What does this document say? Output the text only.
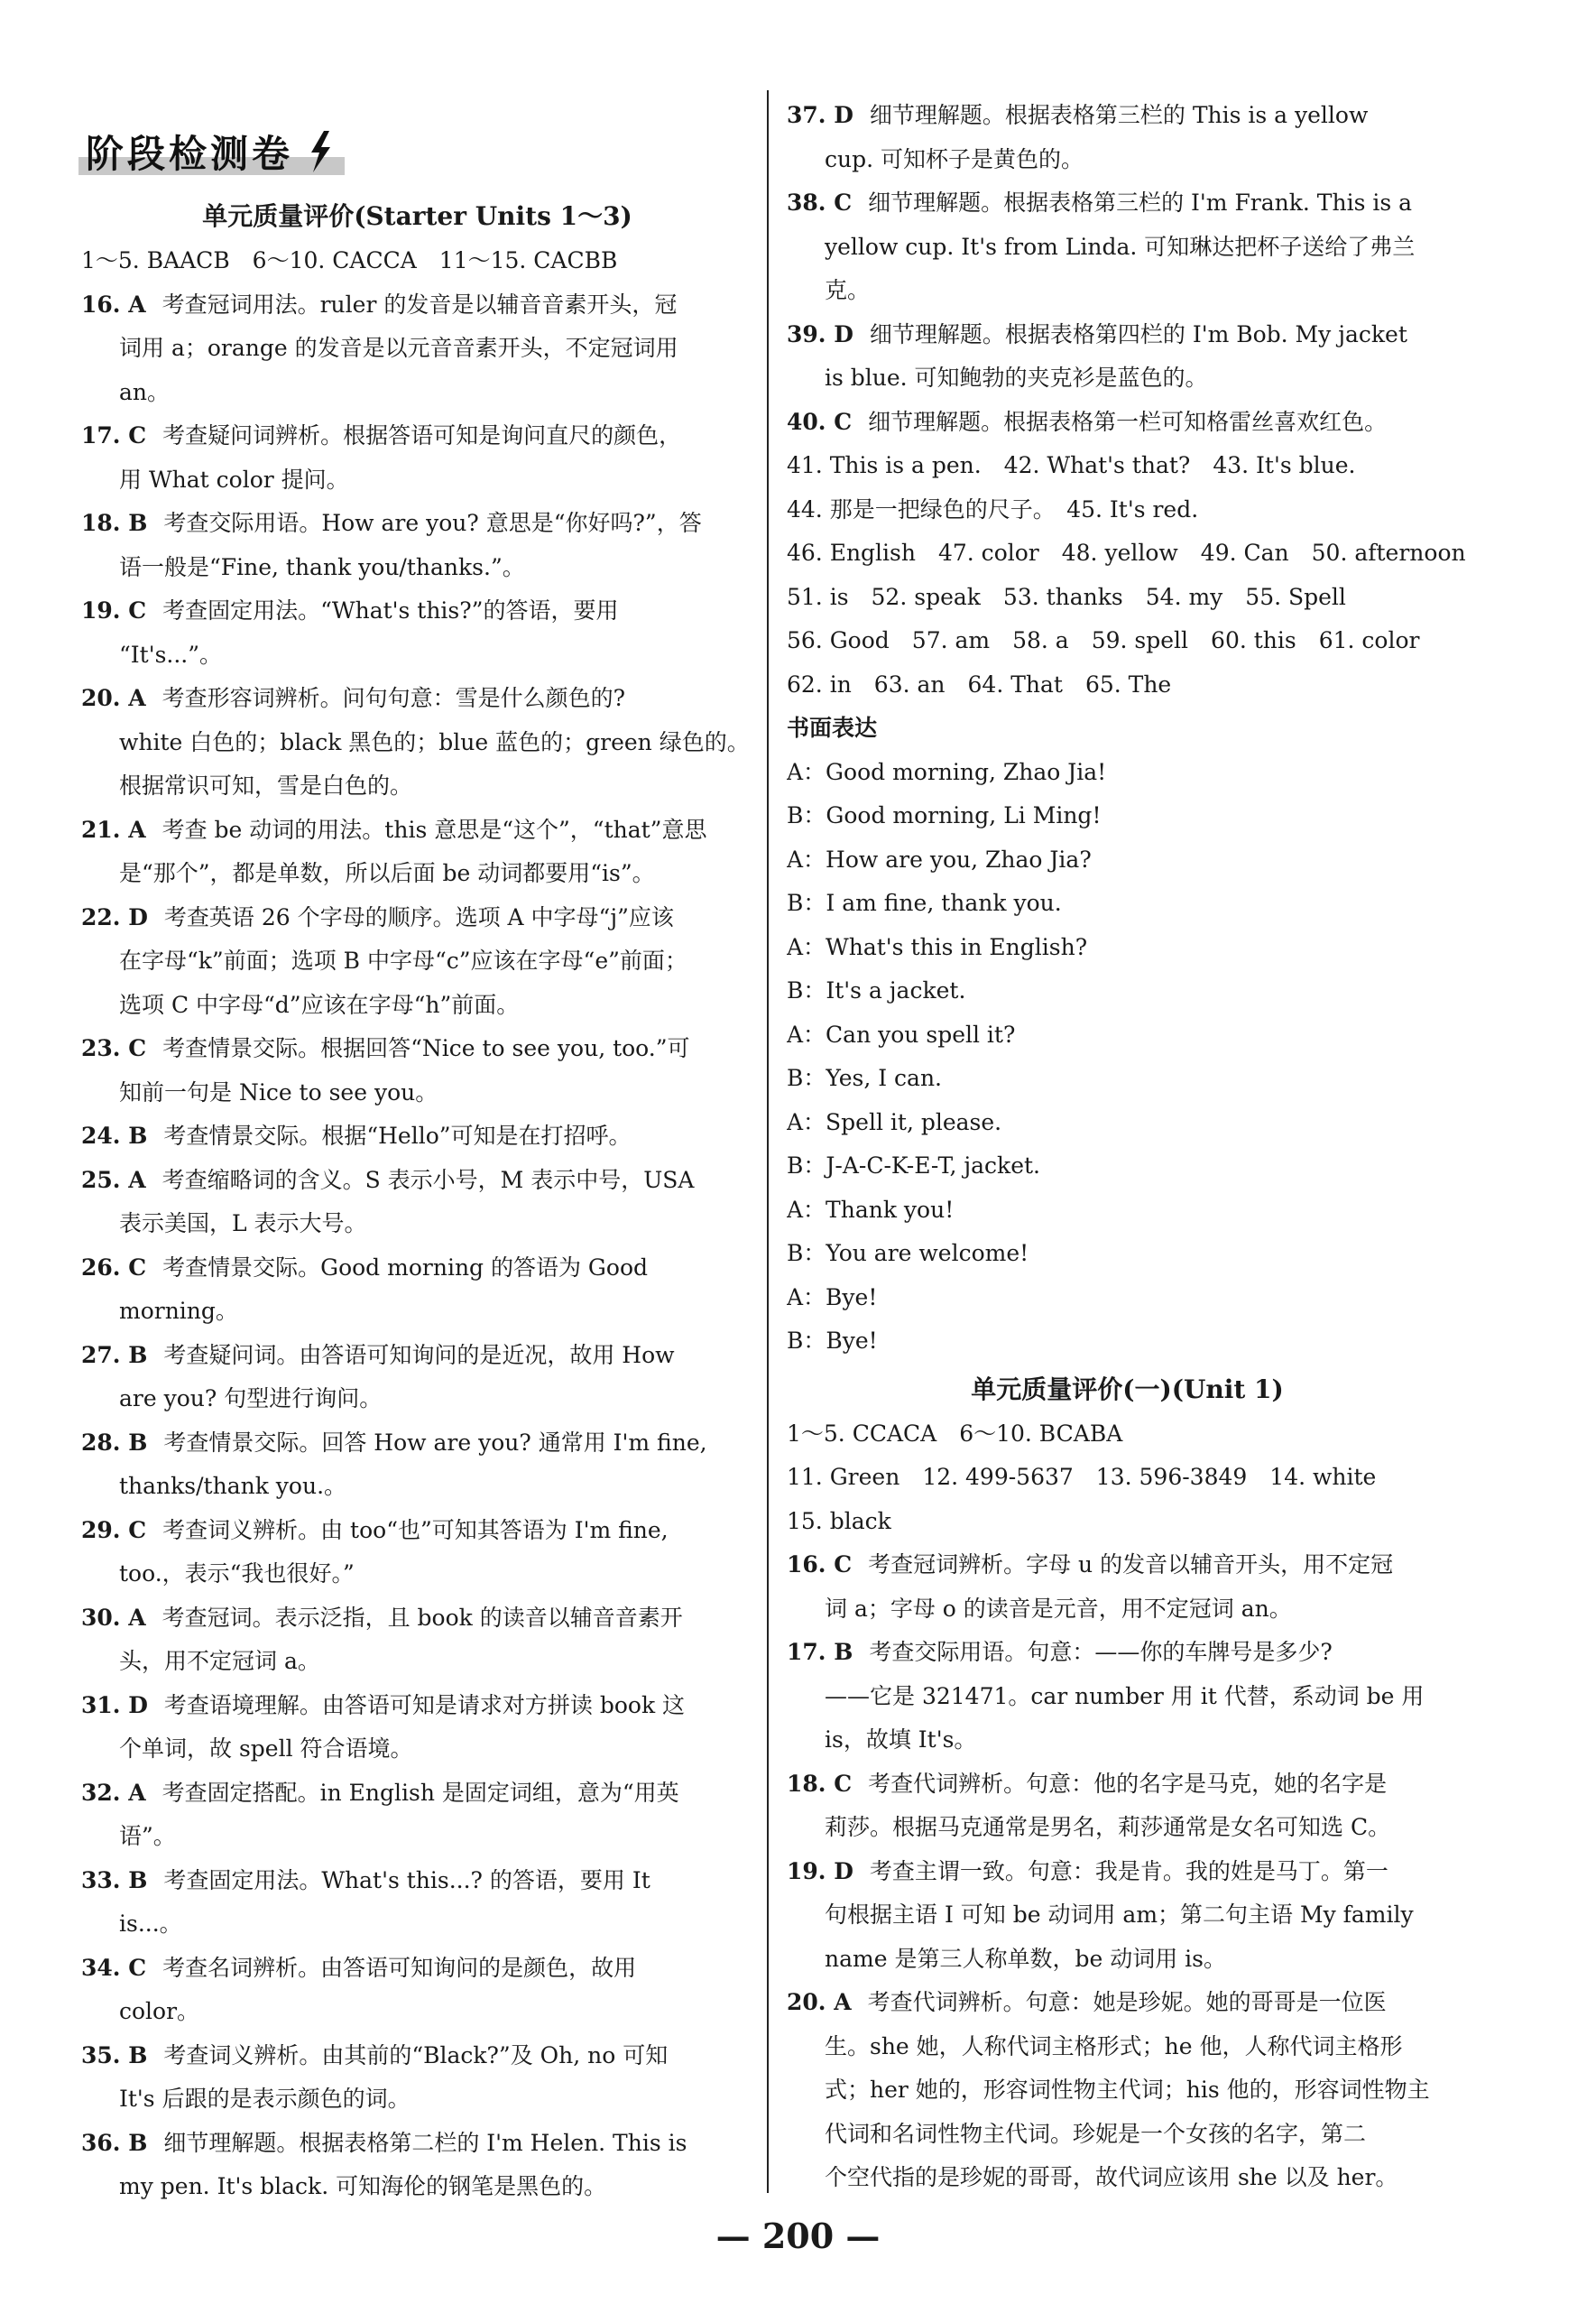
阶段检测卷
单元质量评价(Starter Units 1～3)
1～5. BAACB　6～10. CACCA　11～15. CACBB
16. A 考查冠词用法。ruler 的发音是以辅音音素开头，冠
词用 a；orange 的发音是以元音音素开头，不定冠词用
an。
17. C 考查疑问词辨析。根据答语可知是询问直尺的颜色，
用 What color 提问。
18. B 考查交际用语。How are you? 意思是“你好吗?”，答
语一般是“Fine, thank you/thanks.”。
19. C 考查固定用法。“What's this?”的答语，要用
“It's...”。
20. A 考查形容词辨析。问句句意：雪是什么颜色的?
white 白色的；black 黑色的；blue 蓝色的；green 绿色的。
根据常识可知，雪是白色的。
21. A 考查 be 动词的用法。this 意思是“这个”，“that”意思
是“那个”，都是单数，所以后面 be 动词都要用“is”。
22. D 考查英语 26 个字母的顺序。选项 A 中字母“j”应该
在字母“k”前面；选项 B 中字母“c”应该在字母“e”前面；
选项 C 中字母“d”应该在字母“h”前面。
23. C 考查情景交际。根据回答“Nice to see you, too.”可
知前一句是 Nice to see you。
24. B 考查情景交际。根据“Hello”可知是在打招呼。
25. A 考查缩略词的含义。S 表示小号，M 表示中号，USA
表示美国，L 表示大号。
26. C 考查情景交际。Good morning 的答语为 Good
morning。
27. B 考查疑问词。由答语可知询问的是近况，故用 How
are you? 句型进行询问。
28. B 考查情景交际。回答 How are you? 通常用 I'm fine,
thanks/thank you.。
29. C 考查词义辨析。由 too“也”可知其答语为 I'm fine,
too.，表示“我也很好。”
30. A 考查冠词。表示泛指，且 book 的读音以辅音音素开
头，用不定冠词 a。
31. D 考查语境理解。由答语可知是请求对方拼读 book 这
个单词，故 spell 符合语境。
32. A 考查固定搭配。in English 是固定词组，意为“用英
语”。
33. B 考查固定用法。What's this...? 的答语，要用 It
is...。
34. C 考查名词辨析。由答语可知询问的是颜色，故用
color。
35. B 考查词义辨析。由其前的“Black?”及 Oh, no 可知
It's 后跟的是表示颜色的词。
36. B 细节理解题。根据表格第二栏的 I'm Helen. This is
my pen. It's black. 可知海伦的钢笔是黑色的。
37. D 细节理解题。根据表格第三栏的 This is a yellow
cup. 可知杯子是黄色的。
38. C 细节理解题。根据表格第三栏的 I'm Frank. This is a
yellow cup. It's from Linda. 可知琳达把杯子送给了弗兰
克。
39. D 细节理解题。根据表格第四栏的 I'm Bob. My jacket
is blue. 可知鲍勃的夹克衫是蓝色的。
40. C 细节理解题。根据表格第一栏可知格雷丝喜欢红色。
41. This is a pen.　42. What's that?　43. It's blue.
44. 那是一把绿色的尺子。　45. It's red.
46. English　47. color　48. yellow　49. Can　50. afternoon
51. is　52. speak　53. thanks　54. my　55. Spell
56. Good　57. am　58. a　59. spell　60. this　61. color
62. in　63. an　64. That　65. The
书面表达
A：Good morning, Zhao Jia!
B：Good morning, Li Ming!
A：How are you, Zhao Jia?
B：I am fine, thank you.
A：What's this in English?
B：It's a jacket.
A：Can you spell it?
B：Yes, I can.
A：Spell it, please.
B：J-A-C-K-E-T, jacket.
A：Thank you!
B：You are welcome!
A：Bye!
B：Bye!
单元质量评价(一)(Unit 1)
1～5. CCACA　6～10. BCABA
11. Green　12. 499-5637　13. 596-3849　14. white
15. black
16. C 考查冠词辨析。字母 u 的发音以辅音开头，用不定冠
词 a；字母 o 的读音是元音，用不定冠词 an。
17. B 考查交际用语。句意：——你的车牌号是多少?
——它是 321471。car number 用 it 代替，系动词 be 用
is，故填 It's。
18. C 考查代词辨析。句意：他的名字是马克，她的名字是
莉莎。根据马克通常是男名，莉莎通常是女名可知选 C。
19. D 考查主谓一致。句意：我是肯。我的姓是马丁。第一
句根据主语 I 可知 be 动词用 am；第二句主语 My family
name 是第三人称单数，be 动词用 is。
20. A 考查代词辨析。句意：她是珍妮。她的哥哥是一位医
生。she 她，人称代词主格形式；he 他，人称代词主格形
式；her 她的，形容词性物主代词；his 他的，形容词性物主
代词和名词性物主代词。珍妮是一个女孩的名字，第二
个空代指的是珍妮的哥哥，故代词应该用 she 以及 her。
— 200 —
